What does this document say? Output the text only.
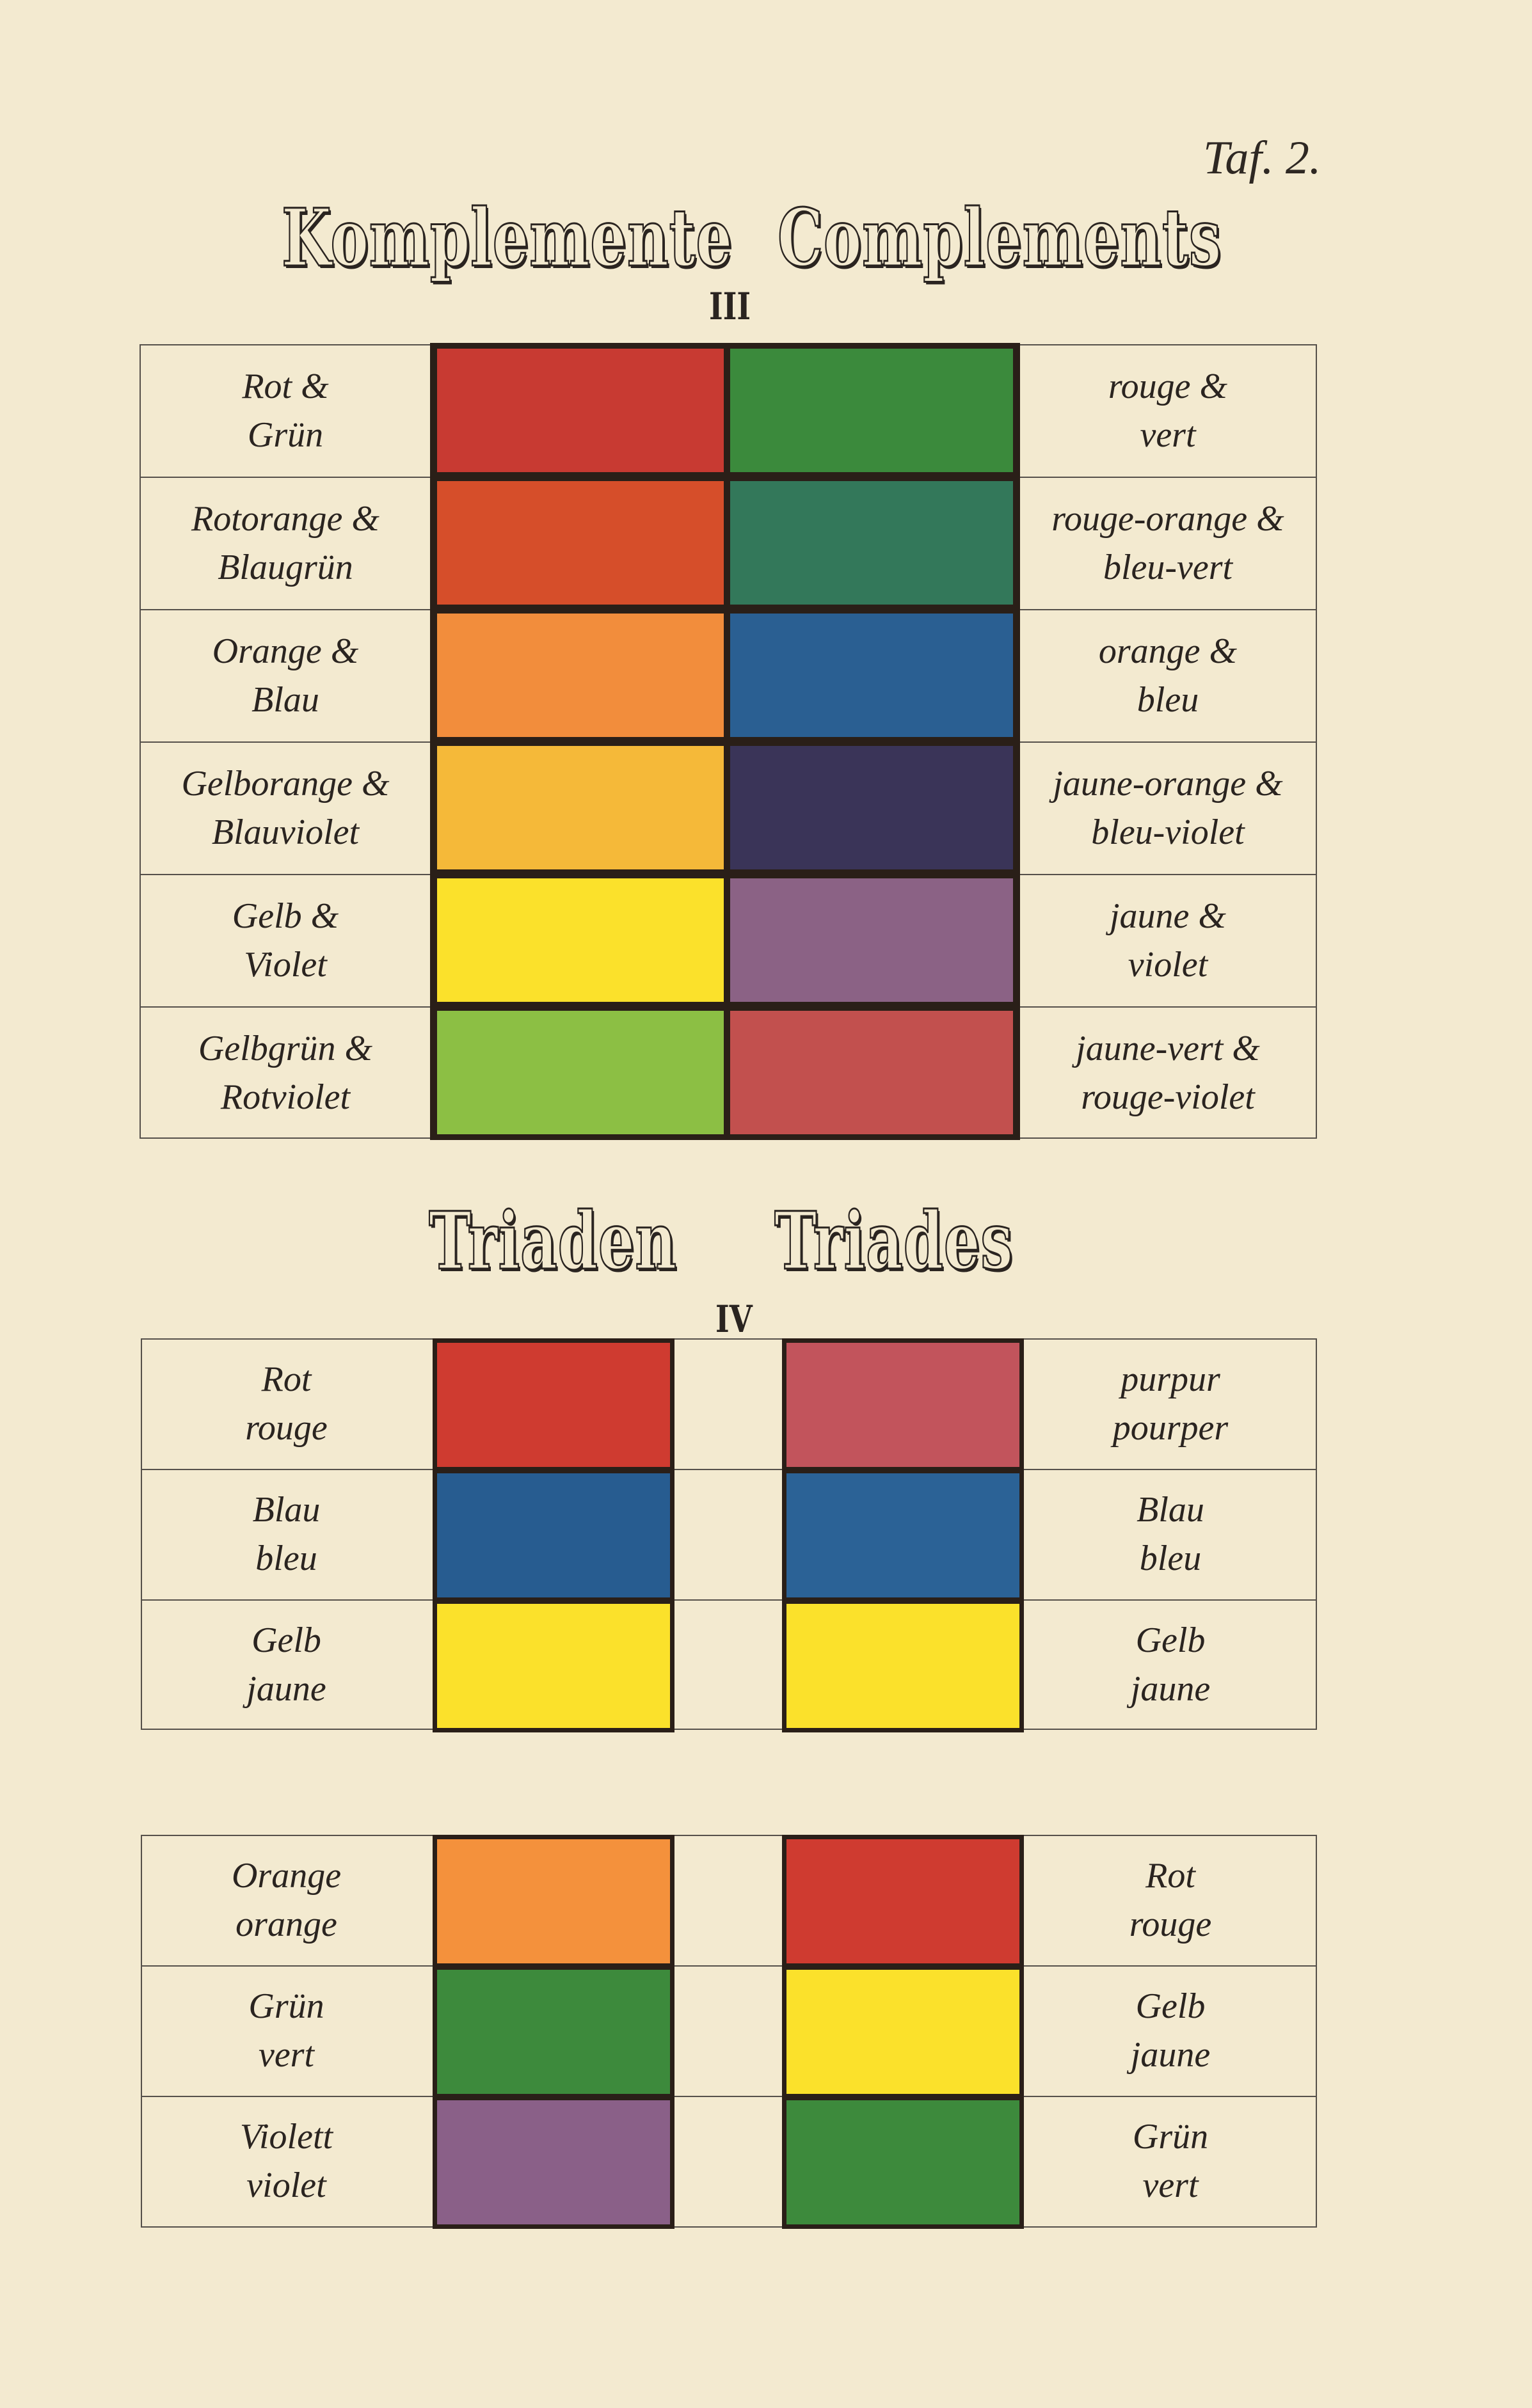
Taf. 2.
Komplemente Complements
III
Rot &
Grün
rouge &
vert
Rotorange &
Blaugrün
rouge-orange &
bleu-vert
Orange &
Blau
orange &
bleu
Gelborange &
Blauviolet
jaune-orange &
bleu-violet
Gelb &
Violet
jaune &
violet
Gelbgrün &
Rotviolet
jaune-vert &
rouge-violet
Triaden Triades
IV
Rot
rouge
purpur
pourper
Blau
bleu
Blau
bleu
Gelb
jaune
Gelb
jaune
Orange
orange
Rot
rouge
Grün
vert
Gelb
jaune
Violett
violet
Grün
vert
